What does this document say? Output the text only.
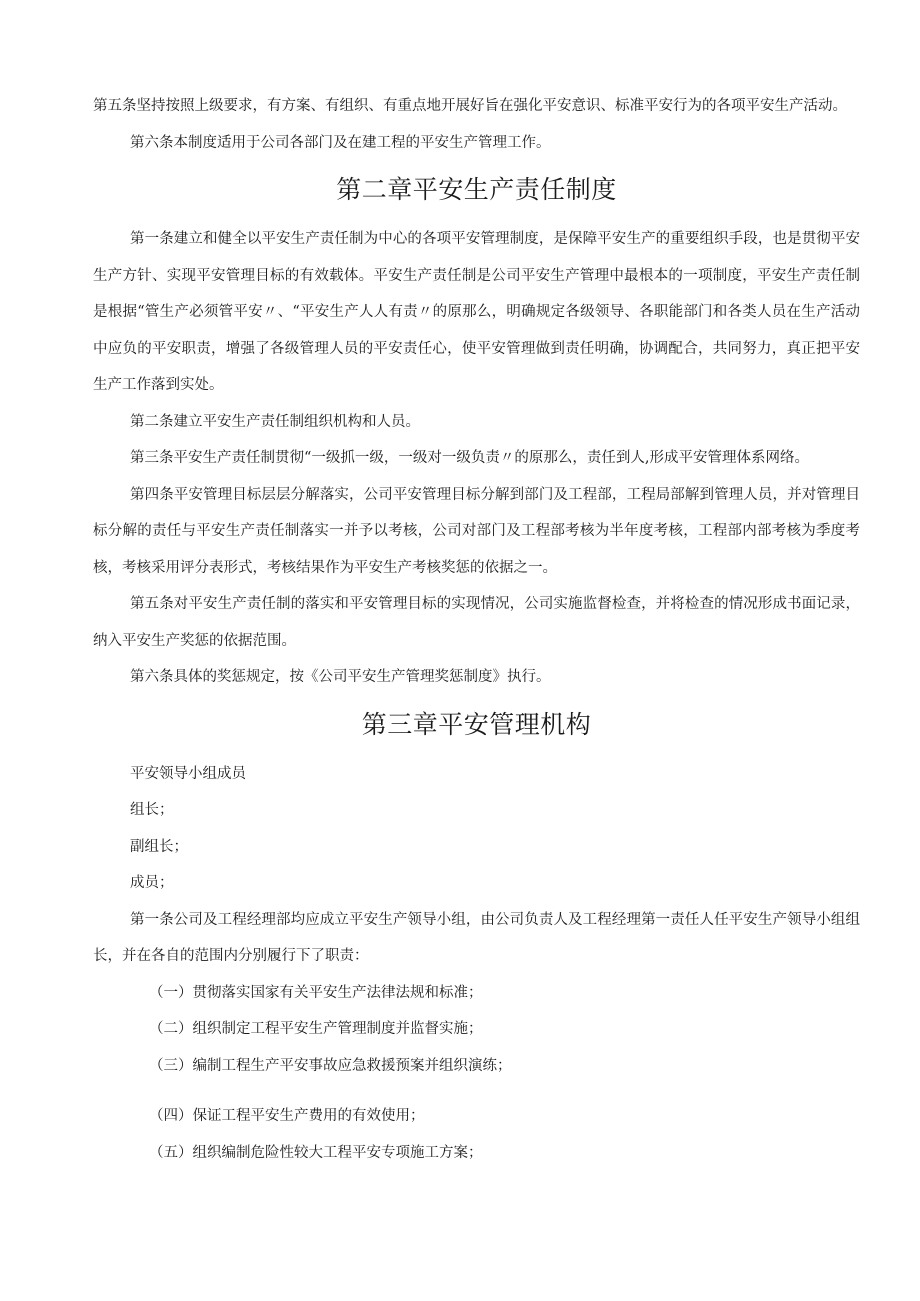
第五条坚持按照上级要求，有方案、有组织、有重点地开展好旨在强化平安意识、标准平安行为的各项平安生产活动。

第六条本制度适用于公司各部门及在建工程的平安生产管理工作。

第二章平安生产责任制度

第一条建立和健全以平安生产责任制为中心的各项平安管理制度，是保障平安生产的重要组织手段，也是贯彻平安生产方针、实现平安管理目标的有效载体。平安生产责任制是公司平安生产管理中最根本的一项制度，平安生产责任制是根据“管生产必须管平安〃、“平安生产人人有责〃的原那么，明确规定各级领导、各职能部门和各类人员在生产活动中应负的平安职责，增强了各级管理人员的平安责任心，使平安管理做到责任明确，协调配合，共同努力，真正把平安生产工作落到实处。

第二条建立平安生产责任制组织机构和人员。

第三条平安生产责任制贯彻“一级抓一级，一级对一级负责〃的原那么，责任到人,形成平安管理体系网络。

第四条平安管理目标层层分解落实，公司平安管理目标分解到部门及工程部，工程局部解到管理人员，并对管理目标分解的责任与平安生产责任制落实一并予以考核，公司对部门及工程部考核为半年度考核，工程部内部考核为季度考核，考核采用评分表形式，考核结果作为平安生产考核奖惩的依据之一。

第五条对平安生产责任制的落实和平安管理目标的实现情况，公司实施监督检查，并将检查的情况形成书面记录，纳入平安生产奖惩的依据范围。

第六条具体的奖惩规定，按《公司平安生产管理奖惩制度》执行。

第三章平安管理机构

平安领导小组成员

组长；

副组长；

成员；

第一条公司及工程经理部均应成立平安生产领导小组，由公司负责人及工程经理第一责任人任平安生产领导小组组长，并在各自的范围内分别履行下了职责：

（一）贯彻落实国家有关平安生产法律法规和标准；

（二）组织制定工程平安生产管理制度并监督实施；

（三）编制工程生产平安事故应急救援预案并组织演练；

（四）保证工程平安生产费用的有效使用；

（五）组织编制危险性较大工程平安专项施工方案；
